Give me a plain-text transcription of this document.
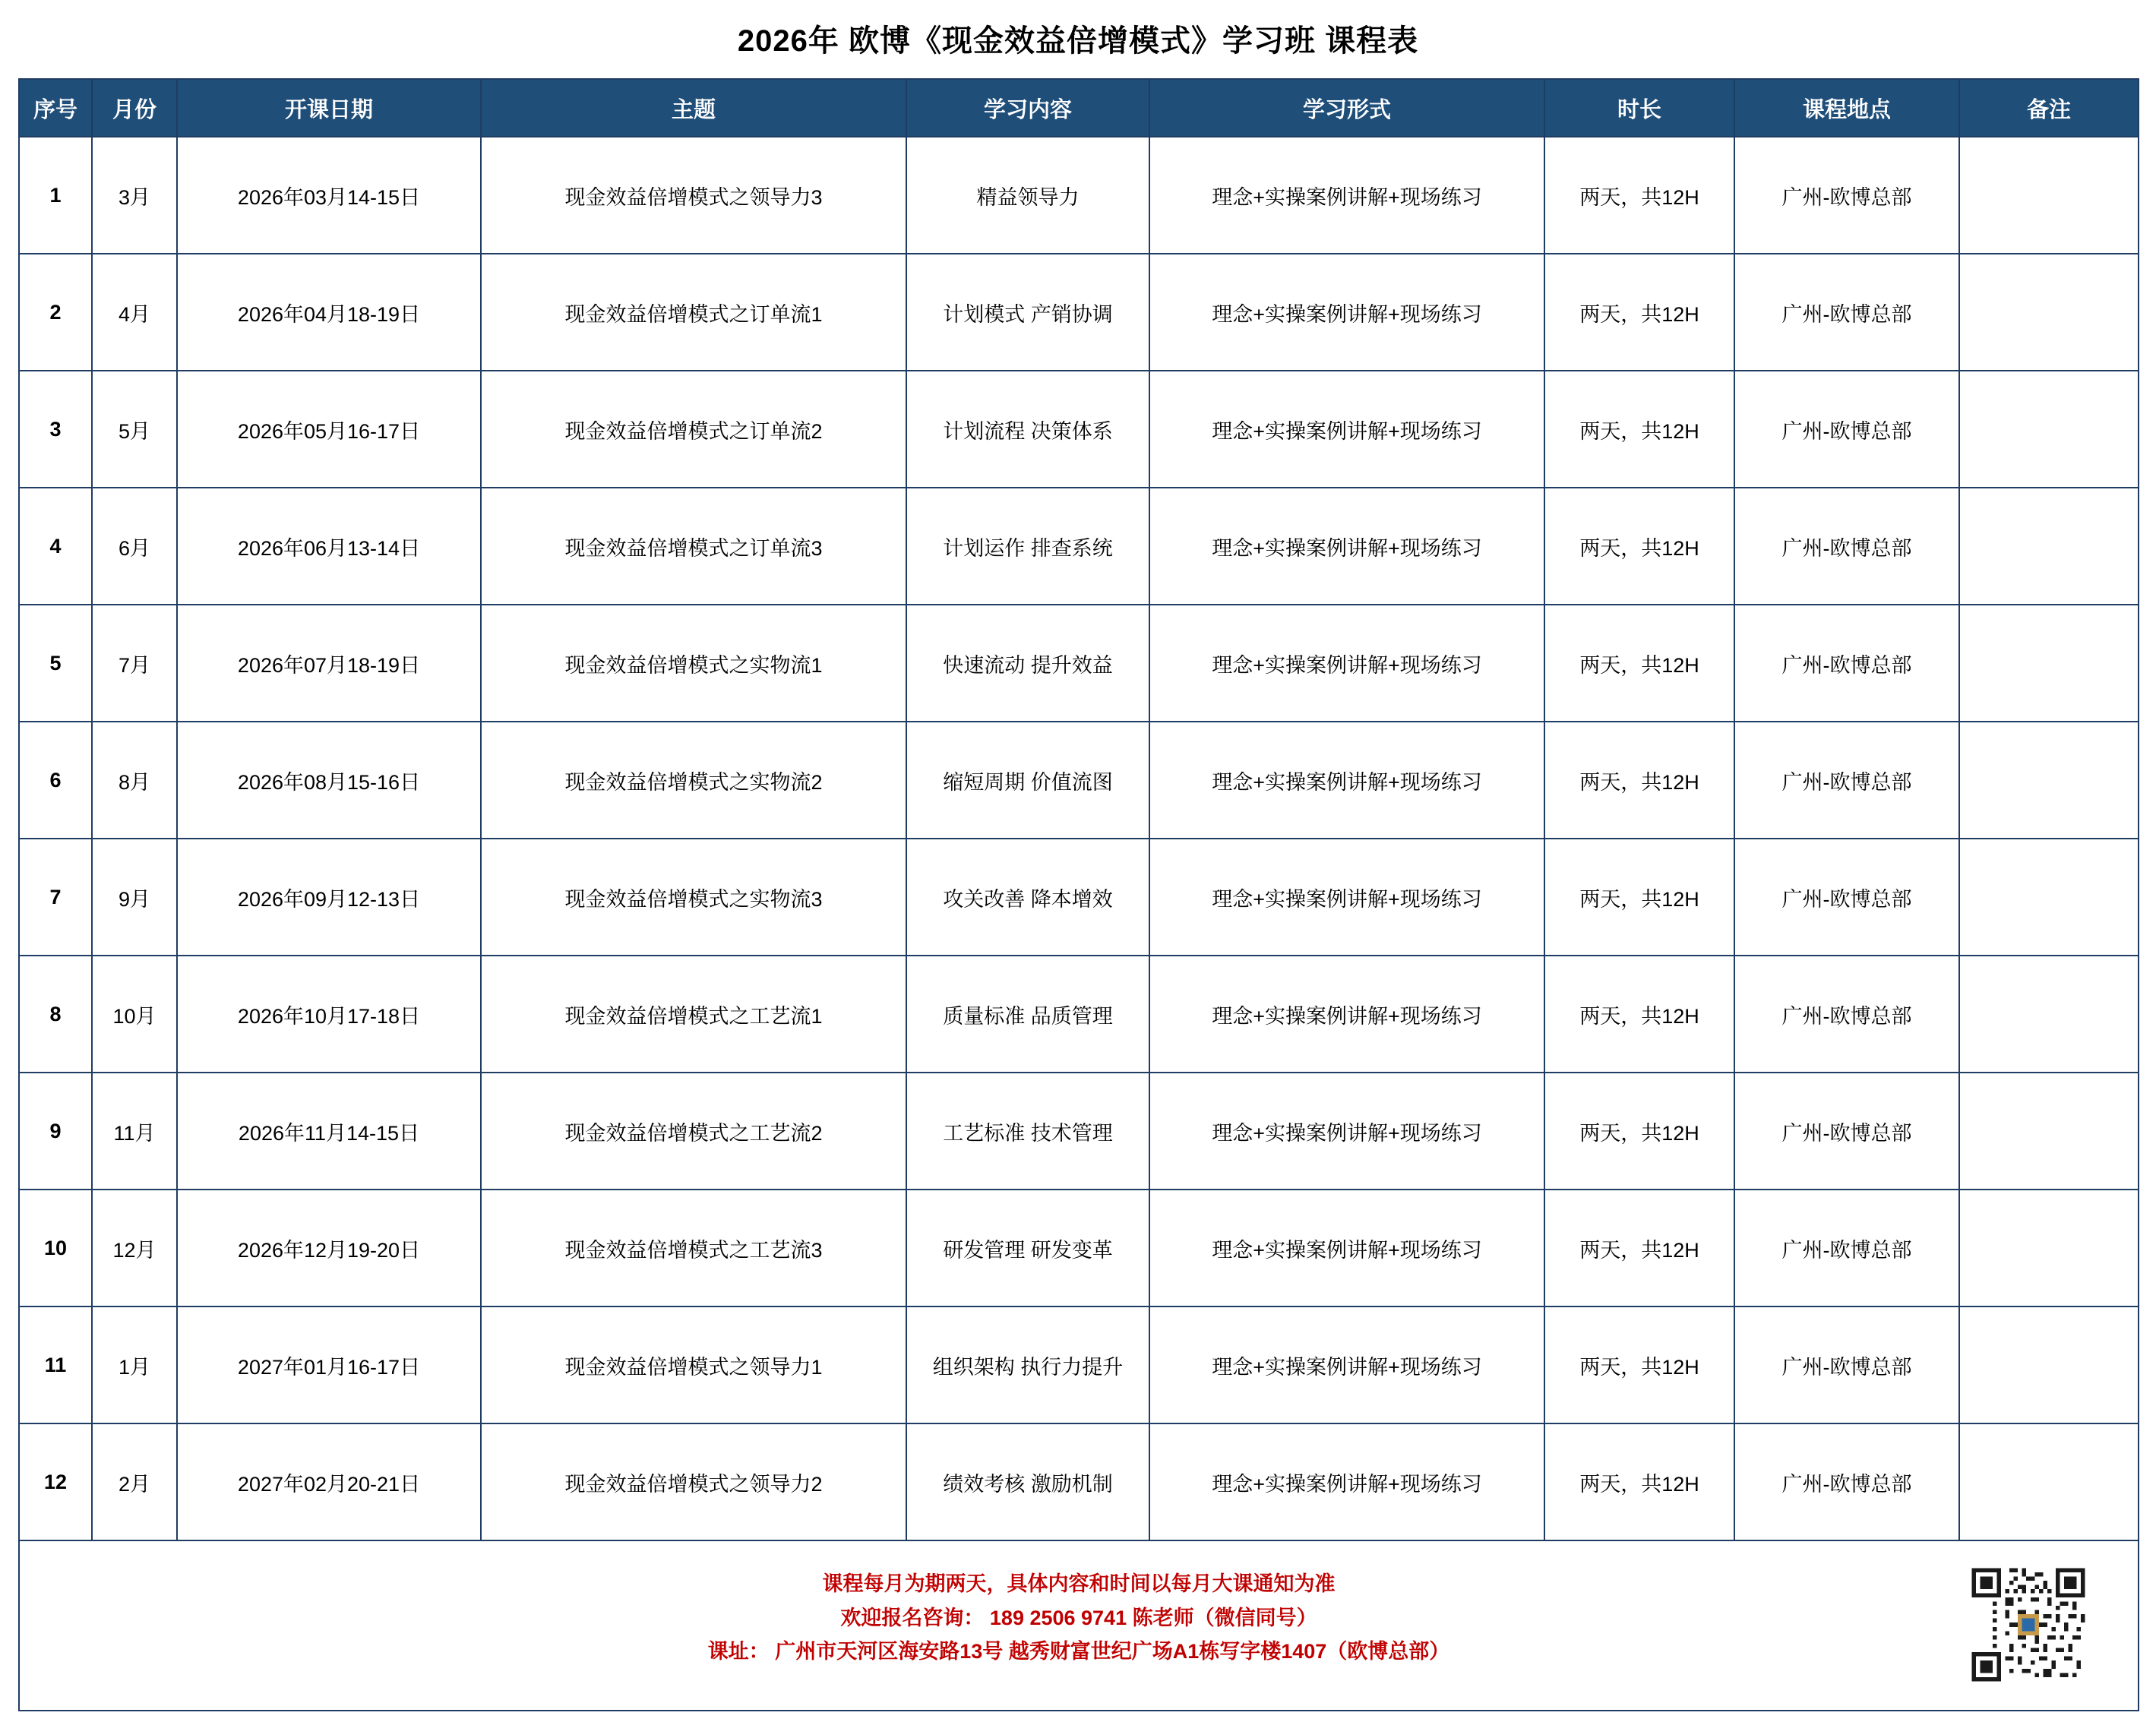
2026年 欧博《现金效益倍增模式》学习班 课程表
序号	月份	开课日期	主题	学习内容	学习形式	时长	课程地点	备注
1	3月	2026年03月14-15日	现金效益倍增模式之领导力3	精益领导力	理念+实操案例讲解+现场练习	两天，共12H	广州-欧博总部	
2	4月	2026年04月18-19日	现金效益倍增模式之订单流1	计划模式 产销协调	理念+实操案例讲解+现场练习	两天，共12H	广州-欧博总部	
3	5月	2026年05月16-17日	现金效益倍增模式之订单流2	计划流程 决策体系	理念+实操案例讲解+现场练习	两天，共12H	广州-欧博总部	
4	6月	2026年06月13-14日	现金效益倍增模式之订单流3	计划运作 排查系统	理念+实操案例讲解+现场练习	两天，共12H	广州-欧博总部	
5	7月	2026年07月18-19日	现金效益倍增模式之实物流1	快速流动 提升效益	理念+实操案例讲解+现场练习	两天，共12H	广州-欧博总部	
6	8月	2026年08月15-16日	现金效益倍增模式之实物流2	缩短周期 价值流图	理念+实操案例讲解+现场练习	两天，共12H	广州-欧博总部	
7	9月	2026年09月12-13日	现金效益倍增模式之实物流3	攻关改善 降本增效	理念+实操案例讲解+现场练习	两天，共12H	广州-欧博总部	
8	10月	2026年10月17-18日	现金效益倍增模式之工艺流1	质量标准 品质管理	理念+实操案例讲解+现场练习	两天，共12H	广州-欧博总部	
9	11月	2026年11月14-15日	现金效益倍增模式之工艺流2	工艺标准 技术管理	理念+实操案例讲解+现场练习	两天，共12H	广州-欧博总部	
10	12月	2026年12月19-20日	现金效益倍增模式之工艺流3	研发管理 研发变革	理念+实操案例讲解+现场练习	两天，共12H	广州-欧博总部	
11	1月	2027年01月16-17日	现金效益倍增模式之领导力1	组织架构 执行力提升	理念+实操案例讲解+现场练习	两天，共12H	广州-欧博总部	
12	2月	2027年02月20-21日	现金效益倍增模式之领导力2	绩效考核 激励机制	理念+实操案例讲解+现场练习	两天，共12H	广州-欧博总部	

课程每月为期两天，具体内容和时间以每月大课通知为准
欢迎报名咨询： 189 2506 9741 陈老师（微信同号）
课址： 广州市天河区海安路13号 越秀财富世纪广场A1栋写字楼1407（欧博总部）								
